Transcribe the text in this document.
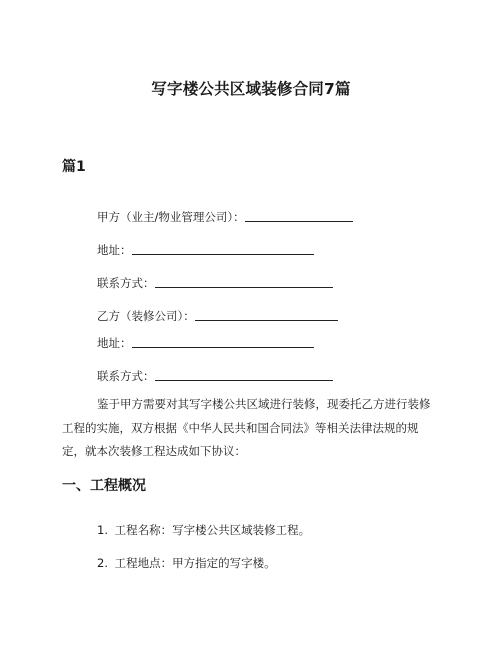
写字楼公共区域装修合同7篇
篇1
甲方（业主/物业管理公司）：
地址：
联系方式：
乙方（装修公司）：
地址：
联系方式：
鉴于甲方需要对其写字楼公共区域进行装修，现委托乙方进行装修工程的实施，双方根据《中华人民共和国合同法》等相关法律法规的规定，就本次装修工程达成如下协议：
一、工程概况
1. 工程名称：写字楼公共区域装修工程。
2. 工程地点：甲方指定的写字楼。
